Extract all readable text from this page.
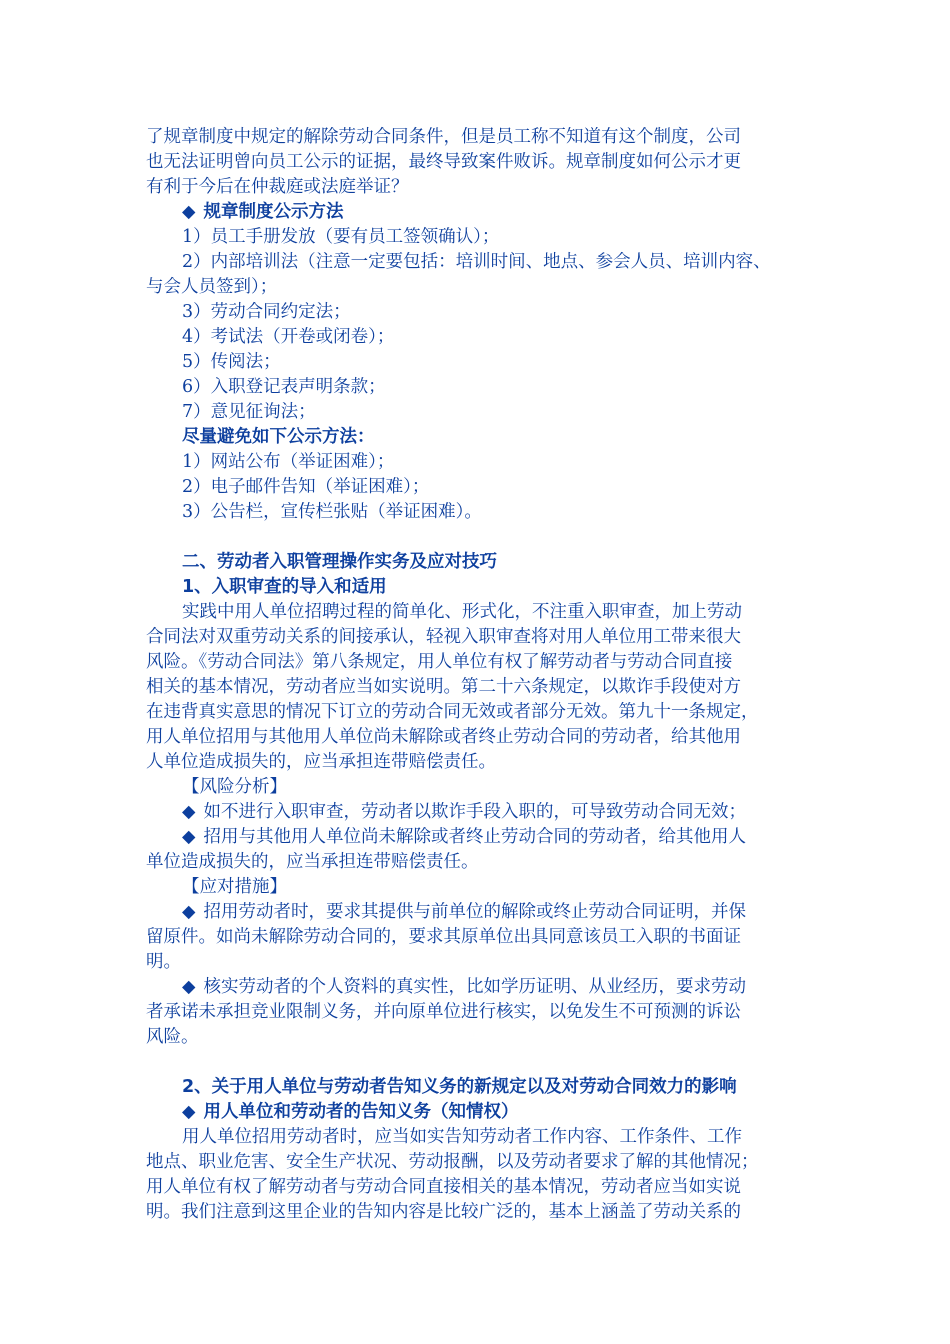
了规章制度中规定的解除劳动合同条件，但是员工称不知道有这个制度，公司

也无法证明曾向员工公示的证据，最终导致案件败诉。规章制度如何公示才更

有利于今后在仲裁庭或法庭举证？

◆ 规章制度公示方法

1）员工手册发放（要有员工签领确认）；

2）内部培训法（注意一定要包括：培训时间、地点、参会人员、培训内容、

与会人员签到）；

3）劳动合同约定法；

4）考试法（开卷或闭卷）；

5）传阅法；

6）入职登记表声明条款；

7）意见征询法；

尽量避免如下公示方法：

1）网站公布（举证困难）；

2）电子邮件告知（举证困难）；

3）公告栏，宣传栏张贴（举证困难）。

二、劳动者入职管理操作实务及应对技巧

1、入职审查的导入和适用

实践中用人单位招聘过程的简单化、形式化，不注重入职审查，加上劳动

合同法对双重劳动关系的间接承认，轻视入职审查将对用人单位用工带来很大

风险。《劳动合同法》第八条规定，用人单位有权了解劳动者与劳动合同直接

相关的基本情况，劳动者应当如实说明。第二十六条规定，以欺诈手段使对方

在违背真实意思的情况下订立的劳动合同无效或者部分无效。第九十一条规定，

用人单位招用与其他用人单位尚未解除或者终止劳动合同的劳动者，给其他用

人单位造成损失的，应当承担连带赔偿责任。

【风险分析】

◆ 如不进行入职审查，劳动者以欺诈手段入职的，可导致劳动合同无效；

◆ 招用与其他用人单位尚未解除或者终止劳动合同的劳动者，给其他用人

单位造成损失的，应当承担连带赔偿责任。

【应对措施】

◆ 招用劳动者时，要求其提供与前单位的解除或终止劳动合同证明，并保

留原件。如尚未解除劳动合同的，要求其原单位出具同意该员工入职的书面证

明。

◆ 核实劳动者的个人资料的真实性，比如学历证明、从业经历，要求劳动

者承诺未承担竞业限制义务，并向原单位进行核实，以免发生不可预测的诉讼

风险。

2、关于用人单位与劳动者告知义务的新规定以及对劳动合同效力的影响

◆ 用人单位和劳动者的告知义务（知情权）

用人单位招用劳动者时，应当如实告知劳动者工作内容、工作条件、工作

地点、职业危害、安全生产状况、劳动报酬，以及劳动者要求了解的其他情况；

用人单位有权了解劳动者与劳动合同直接相关的基本情况，劳动者应当如实说

明。我们注意到这里企业的告知内容是比较广泛的，基本上涵盖了劳动关系的
